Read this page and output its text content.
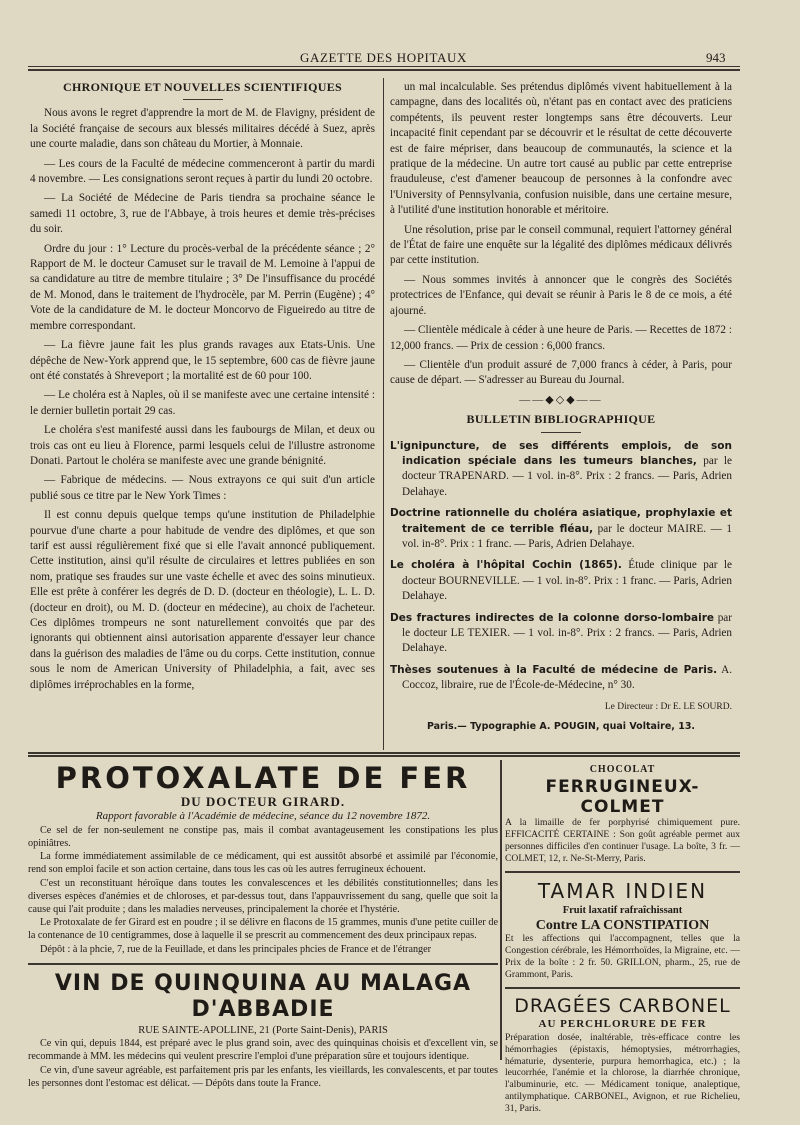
GAZETTE DES HOPITAUX	943

CHRONIQUE ET NOUVELLES SCIENTIFIQUES

Nous avons le regret d'apprendre la mort de M. de Flavigny, président de la Société française de secours aux blessés militaires décédé à Suez, après une courte maladie, dans son château du Mortier, à Monnaie.

— Les cours de la Faculté de médecine commenceront à partir du mardi 4 novembre. — Les consignations seront reçues à partir du lundi 20 octobre.

— La Société de Médecine de Paris tiendra sa prochaine séance le samedi 11 octobre, 3, rue de l'Abbaye, à trois heures et demie très-précises du soir.

Ordre du jour : 1° Lecture du procès-verbal de la précédente séance ; 2° Rapport de M. le docteur Camuset sur le travail de M. Lemoine à l'appui de sa candidature au titre de membre titulaire ; 3° De l'insuffisance du procédé de M. Monod, dans le traitement de l'hydrocèle, par M. Perrin (Eugène) ; 4° Vote de la candidature de M. le docteur Moncorvo de Figueiredo au titre de membre correspondant.

— La fièvre jaune fait les plus grands ravages aux Etats-Unis. Une dépêche de New-York apprend que, le 15 septembre, 600 cas de fièvre jaune ont été constatés à Shreveport ; la mortalité est de 60 pour 100.

— Le choléra est à Naples, où il se manifeste avec une certaine intensité : le dernier bulletin portait 29 cas.

Le choléra s'est manifesté aussi dans les faubourgs de Milan, et deux ou trois cas ont eu lieu à Florence, parmi lesquels celui de l'illustre astronome Donati. Partout le choléra se manifeste avec une grande bénignité.

— Fabrique de médecins. — Nous extrayons ce qui suit d'un article publié sous ce titre par le New York Times :

Il est connu depuis quelque temps qu'une institution de Philadelphie pourvue d'une charte a pour habitude de vendre des diplômes, et que son tarif est aussi régulièrement fixé que si elle l'avait annoncé publiquement. Cette institution, ainsi qu'il résulte de circulaires et lettres publiées en son nom, pratique ses fraudes sur une vaste échelle et avec des soins minutieux. Elle est prête à conférer les degrés de D. D. (docteur en théologie), L. L. D. (docteur en droit), ou M. D. (docteur en médecine), au choix de l'acheteur. Ces diplômes trompeurs ne sont naturellement convoités que par des ignorants qui obtiennent ainsi autorisation apparente d'essayer leur chance dans la guérison des maladies de l'âme ou du corps. Cette institution, connue sous le nom de American University of Philadelphia, a fait, avec ses diplômes irréprochables en la forme,

un mal incalculable. Ses prétendus diplômés vivent habituellement à la campagne, dans des localités où, n'étant pas en contact avec des praticiens compétents, ils peuvent rester longtemps sans être découverts. Leur incapacité finit cependant par se découvrir et le résultat de cette découverte est de faire mépriser, dans beaucoup de communautés, la science et la pratique de la médecine. Un autre tort causé au public par cette entreprise frauduleuse, c'est d'amener beaucoup de personnes à la confondre avec l'University of Pennsylvania, confusion nuisible, dans une certaine mesure, à l'utilité d'une institution honorable et méritoire.

Une résolution, prise par le conseil communal, requiert l'attorney général de l'État de faire une enquête sur la légalité des diplômes médicaux délivrés par cette institution.

— Nous sommes invités à annoncer que le congrès des Sociétés protectrices de l'Enfance, qui devait se réunir à Paris le 8 de ce mois, a été ajourné.

— Clientèle médicale à céder à une heure de Paris. — Recettes de 1872 : 12,000 francs. — Prix de cession : 6,000 francs.

— Clientèle d'un produit assuré de 7,000 francs à céder, à Paris, pour cause de départ. — S'adresser au Bureau du Journal.

——◆◇◆——

BULLETIN BIBLIOGRAPHIQUE

L'ignipuncture, de ses différents emplois, de son indication spéciale dans les tumeurs blanches, par le docteur TRAPENARD. — 1 vol. in-8°. Prix : 2 francs. — Paris, Adrien Delahaye.

Doctrine rationnelle du choléra asiatique, prophylaxie et traitement de ce terrible fléau, par le docteur MAIRE. — 1 vol. in-8°. Prix : 1 franc. — Paris, Adrien Delahaye.

Le choléra à l'hôpital Cochin (1865). Étude clinique par le docteur BOURNEVILLE. — 1 vol. in-8°. Prix : 1 franc. — Paris, Adrien Delahaye.

Des fractures indirectes de la colonne dorso-lombaire par le docteur LE TEXIER. — 1 vol. in-8°. Prix : 2 francs. — Paris, Adrien Delahaye.

Thèses soutenues à la Faculté de médecine de Paris. A. Coccoz, libraire, rue de l'École-de-Médecine, n° 30.

Le Directeur : Dr E. LE SOURD.

Paris.— Typographie A. POUGIN, quai Voltaire, 13.

PROTOXALATE DE FER
DU DOCTEUR GIRARD.
Rapport favorable à l'Académie de médecine, séance du 12 novembre 1872.

Ce sel de fer non-seulement ne constipe pas, mais il combat avantageusement les constipations les plus opiniâtres.

La forme immédiatement assimilable de ce médicament, qui est aussitôt absorbé et assimilé par l'économie, rend son emploi facile et son action certaine, dans tous les cas où les autres ferrugineux échouent.

C'est un reconstituant héroïque dans toutes les convalescences et les débilités constitutionnelles; dans les diverses espèces d'anémies et de chloroses, et par-dessus tout, dans l'appauvrissement du sang, quelle que soit la cause qui l'ait produite ; dans les maladies nerveuses, principalement la chorée et l'hystérie.

Le Protoxalate de fer Girard est en poudre ; il se délivre en flacons de 15 grammes, munis d'une petite cuiller de la contenance de 10 centigrammes, dose à laquelle il se prescrit au commencement des deux principaux repas.

Dépôt : à la phcie, 7, rue de la Feuillade, et dans les principales phcies de France et de l'étranger

VIN DE QUINQUINA AU MALAGA D'ABBADIE
RUE SAINTE-APOLLINE, 21 (Porte Saint-Denis), PARIS

Ce vin qui, depuis 1844, est préparé avec le plus grand soin, avec des quinquinas choisis et d'excellent vin, se recommande à MM. les médecins qui veulent prescrire l'emploi d'une préparation sûre et toujours identique.

Ce vin, d'une saveur agréable, est parfaitement pris par les enfants, les vieillards, les convalescents, et par toutes les personnes dont l'estomac est délicat. — Dépôts dans toute la France.

CHOCOLAT
FERRUGINEUX-COLMET
A la limaille de fer porphyrisé chimiquement pure. EFFICACITÉ CERTAINE : Son goût agréable permet aux personnes difficiles d'en continuer l'usage. La boîte, 3 fr. —COLMET, 12, r. Ne-St-Merry, Paris.
TAMAR INDIEN
Fruit laxatif rafraîchissant
Contre LA CONSTIPATION
Et les affections qui l'accompagnent, telles que la Congestion cérébrale, les Hémorrhoïdes, la Migraine, etc. — Prix de la boîte : 2 fr. 50. GRILLON, pharm., 25, rue de Grammont, Paris.
DRAGÉES CARBONEL
AU PERCHLORURE DE FER
Préparation dosée, inaltérable, très-efficace contre les hémorrhagies (épistaxis, hémoptysies, métrorrhagies, hématurie, dysenterie, purpura hemorrhagica, etc.) ; la leucorrhée, l'anémie et la chlorose, la diarrhée chronique, l'albuminurie, etc. — Médicament tonique, analeptique, antilymphatique. CARBONEL, Avignon, et rue Richelieu, 31, Paris.
